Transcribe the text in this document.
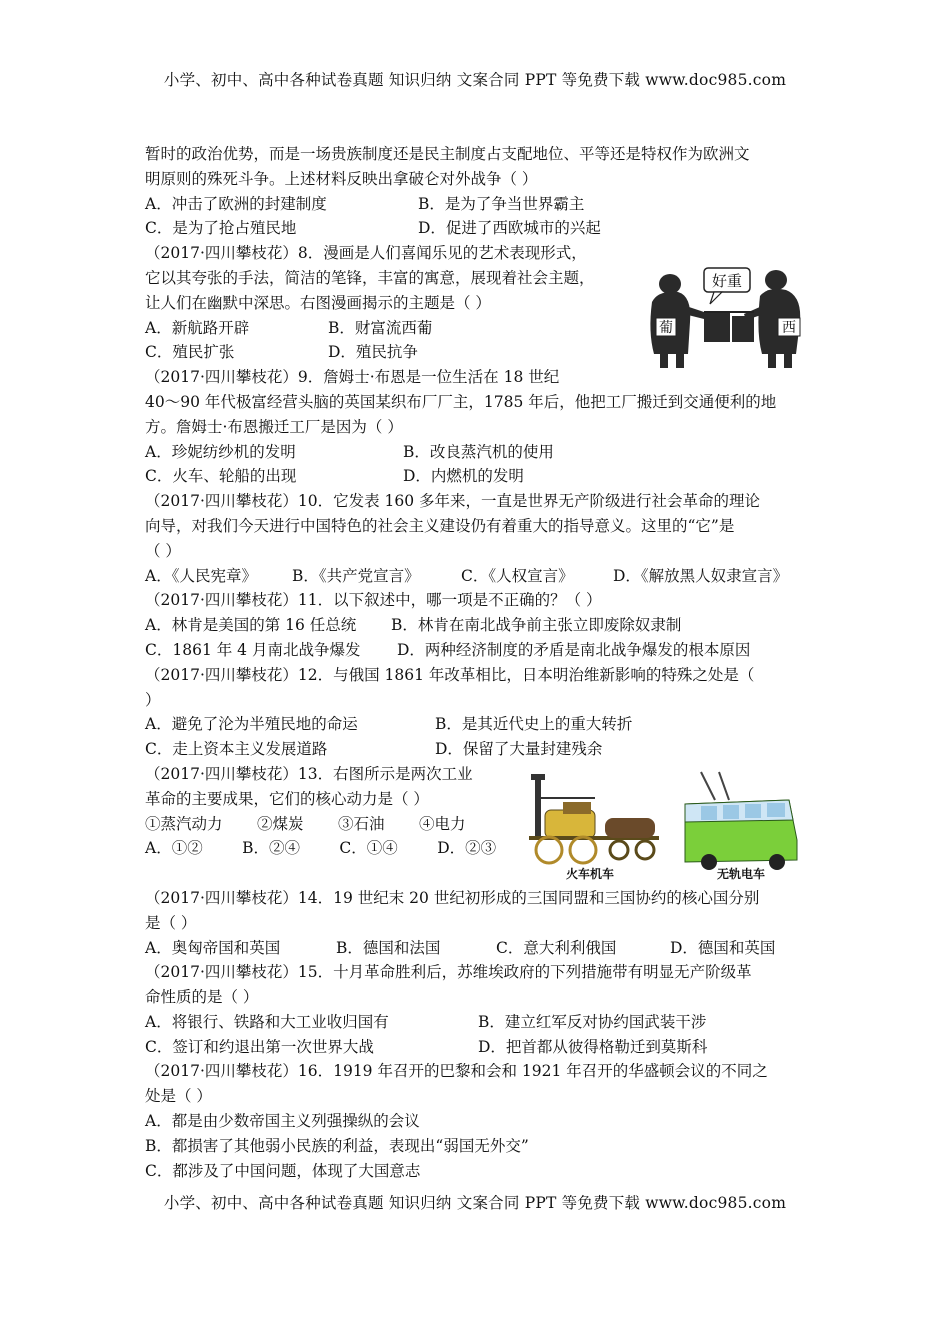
小学、初中、高中各种试卷真题 知识归纳 文案合同 PPT 等免费下载 www.doc985.com
暂时的政治优势，而是一场贵族制度还是民主制度占支配地位、平等还是特权作为欧洲文
明原则的殊死斗争。上述材料反映出拿破仑对外战争（ ）
A．冲击了欧洲的封建制度	B．是为了争当世界霸主
C．是为了抢占殖民地	D．促进了西欧城市的兴起
（2017·四川攀枝花）8．漫画是人们喜闻乐见的艺术表现形式，
它以其夸张的手法，简洁的笔锋，丰富的寓意，展现着社会主题，
让人们在幽默中深思。右图漫画揭示的主题是（ ）
A．新航路开辟	B．财富流西葡
C．殖民扩张	D．殖民抗争
（2017·四川攀枝花）9．詹姆士·布恩是一位生活在 18 世纪
40～90 年代极富经营头脑的英国某织布厂厂主，1785 年后，他把工厂搬迁到交通便利的地
方。詹姆士·布恩搬迁工厂是因为（ ）
A．珍妮纺纱机的发明	B．改良蒸汽机的使用
C．火车、轮船的出现	D．内燃机的发明
（2017·四川攀枝花）10．它发表 160 多年来，一直是世界无产阶级进行社会革命的理论
向导，对我们今天进行中国特色的社会主义建设仍有着重大的指导意义。这里的“它”是
（ ）
A．《人民宪章》 B．《共产党宣言》	C．《人权宣言》	D．《解放黑人奴隶宣言》
（2017·四川攀枝花）11．以下叙述中，哪一项是不正确的？（ ）
A．林肯是美国的第 16 任总统 B．林肯在南北战争前主张立即废除奴隶制
C．1861 年 4 月南北战争爆发 D．两种经济制度的矛盾是南北战争爆发的根本原因
（2017·四川攀枝花）12．与俄国 1861 年改革相比，日本明治维新影响的特殊之处是（
）
A．避免了沦为半殖民地的命运	B．是其近代史上的重大转折
C．走上资本主义发展道路	D．保留了大量封建残余
（2017·四川攀枝花）13．右图所示是两次工业
革命的主要成果，它们的核心动力是（ ）
①蒸汽动力       ②煤炭       ③石油       ④电力
A．①②        B．②④        C．①④        D．②③
（2017·四川攀枝花）14．19 世纪末 20 世纪初形成的三国同盟和三国协约的核心国分别
是（ ）
A．奥匈帝国和英国	B．德国和法国	C．意大利利俄国	D．德国和英国
（2017·四川攀枝花）15．十月革命胜利后，苏维埃政府的下列措施带有明显无产阶级革
命性质的是（ ）
A．将银行、铁路和大工业收归国有	B．建立红军反对协约国武装干涉
C．签订和约退出第一次世界大战	D．把首都从彼得格勒迁到莫斯科
（2017·四川攀枝花）16．1919 年召开的巴黎和会和 1921 年召开的华盛顿会议的不同之
处是（ ）
A．都是由少数帝国主义列强操纵的会议
B．都损害了其他弱小民族的利益，表现出“弱国无外交”
C．都涉及了中国问题，体现了大国意志
葡	西
好重
火车机车	无轨电车
小学、初中、高中各种试卷真题 知识归纳 文案合同 PPT 等免费下载 www.doc985.com
